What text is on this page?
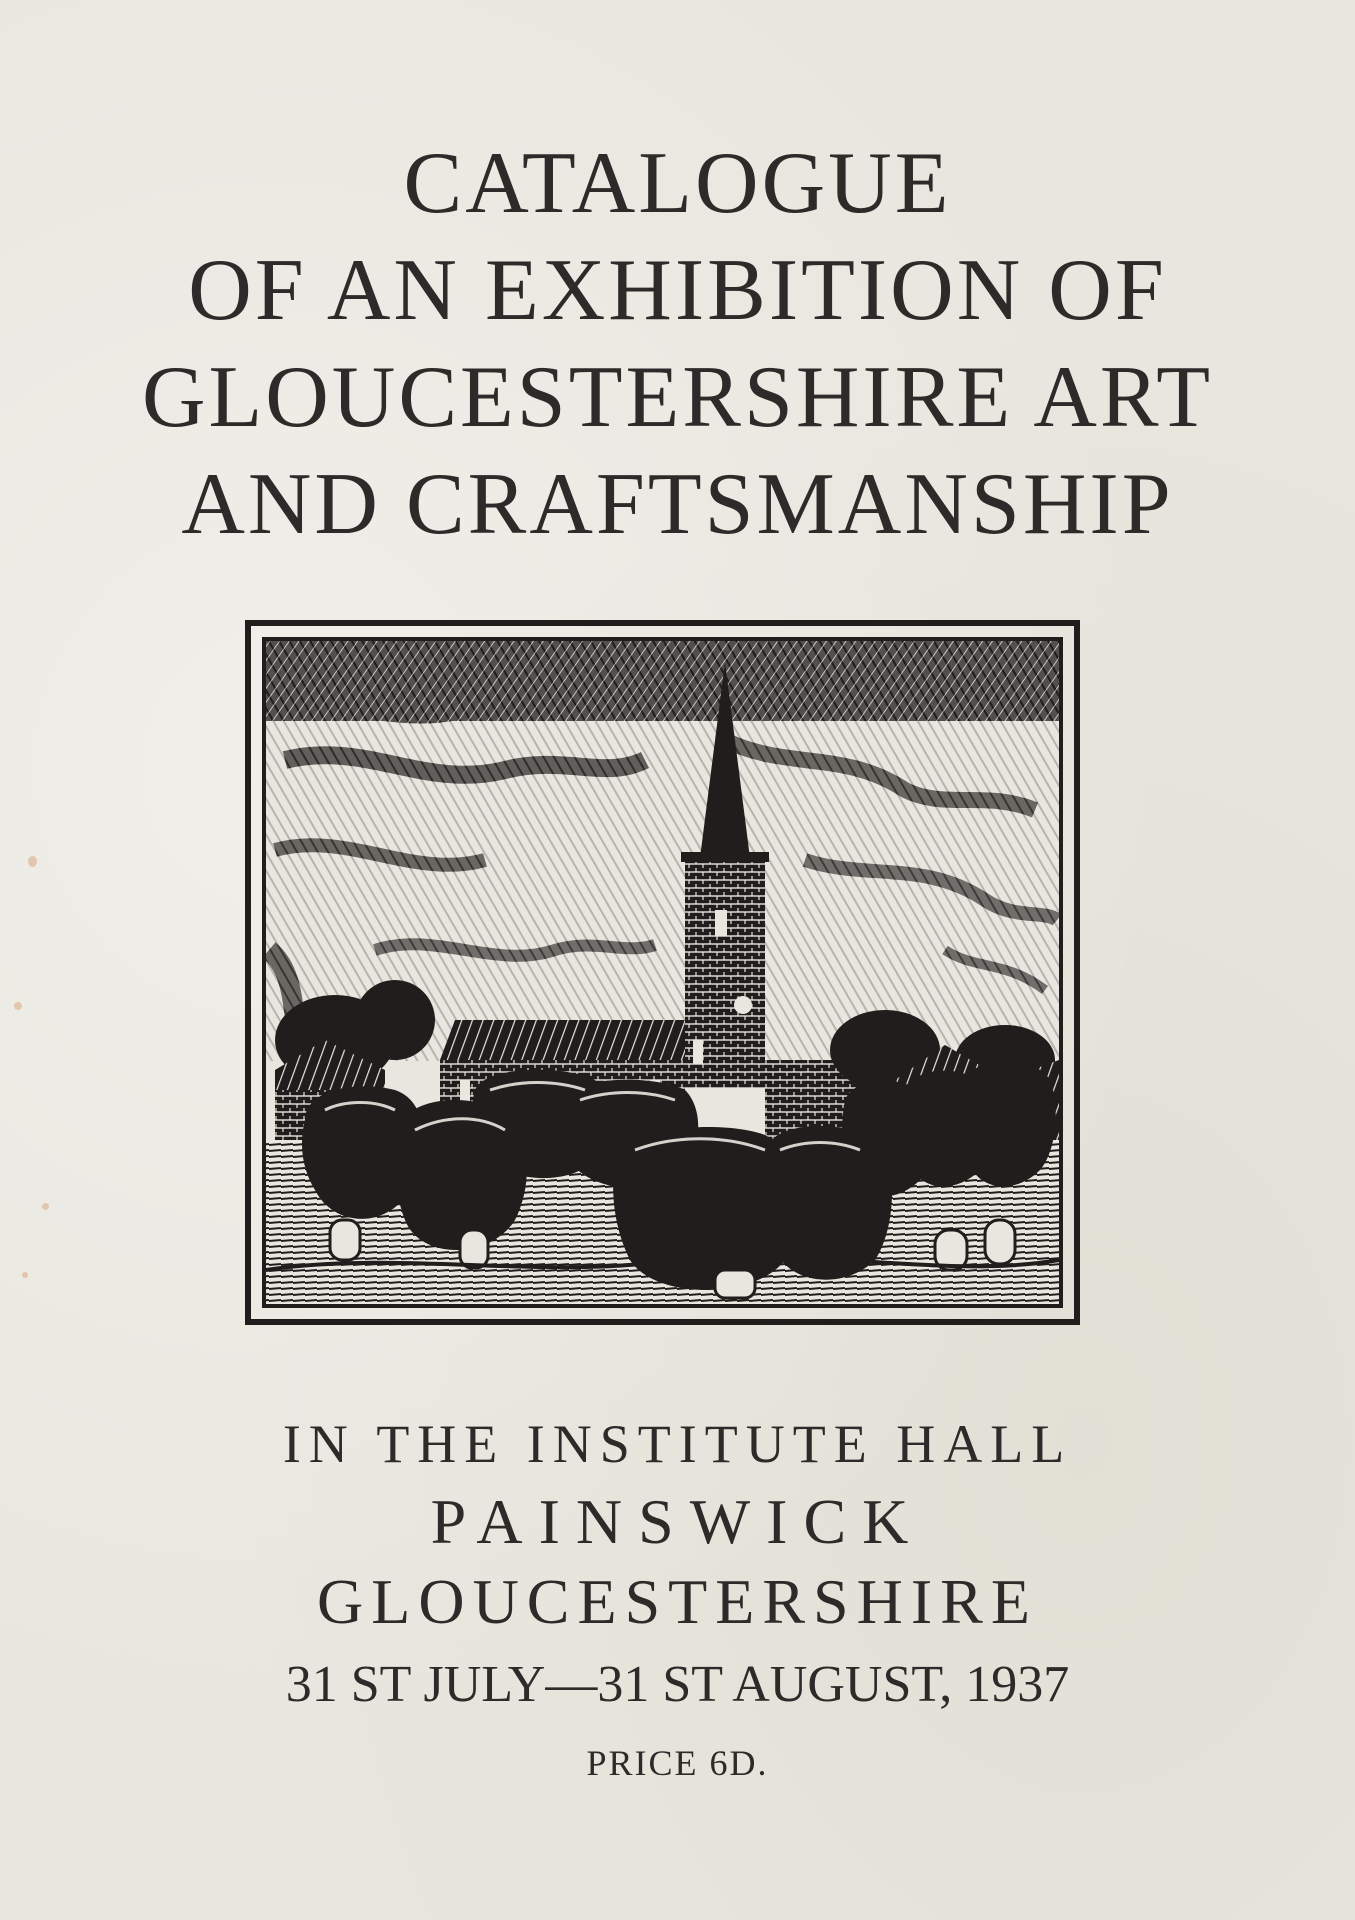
CATALOGUE
OF AN EXHIBITION OF
GLOUCESTERSHIRE ART
AND CRAFTSMANSHIP
IN THE INSTITUTE HALL
PAINSWICK
GLOUCESTERSHIRE
31 ST JULY—31 ST AUGUST, 1937
PRICE 6D.
